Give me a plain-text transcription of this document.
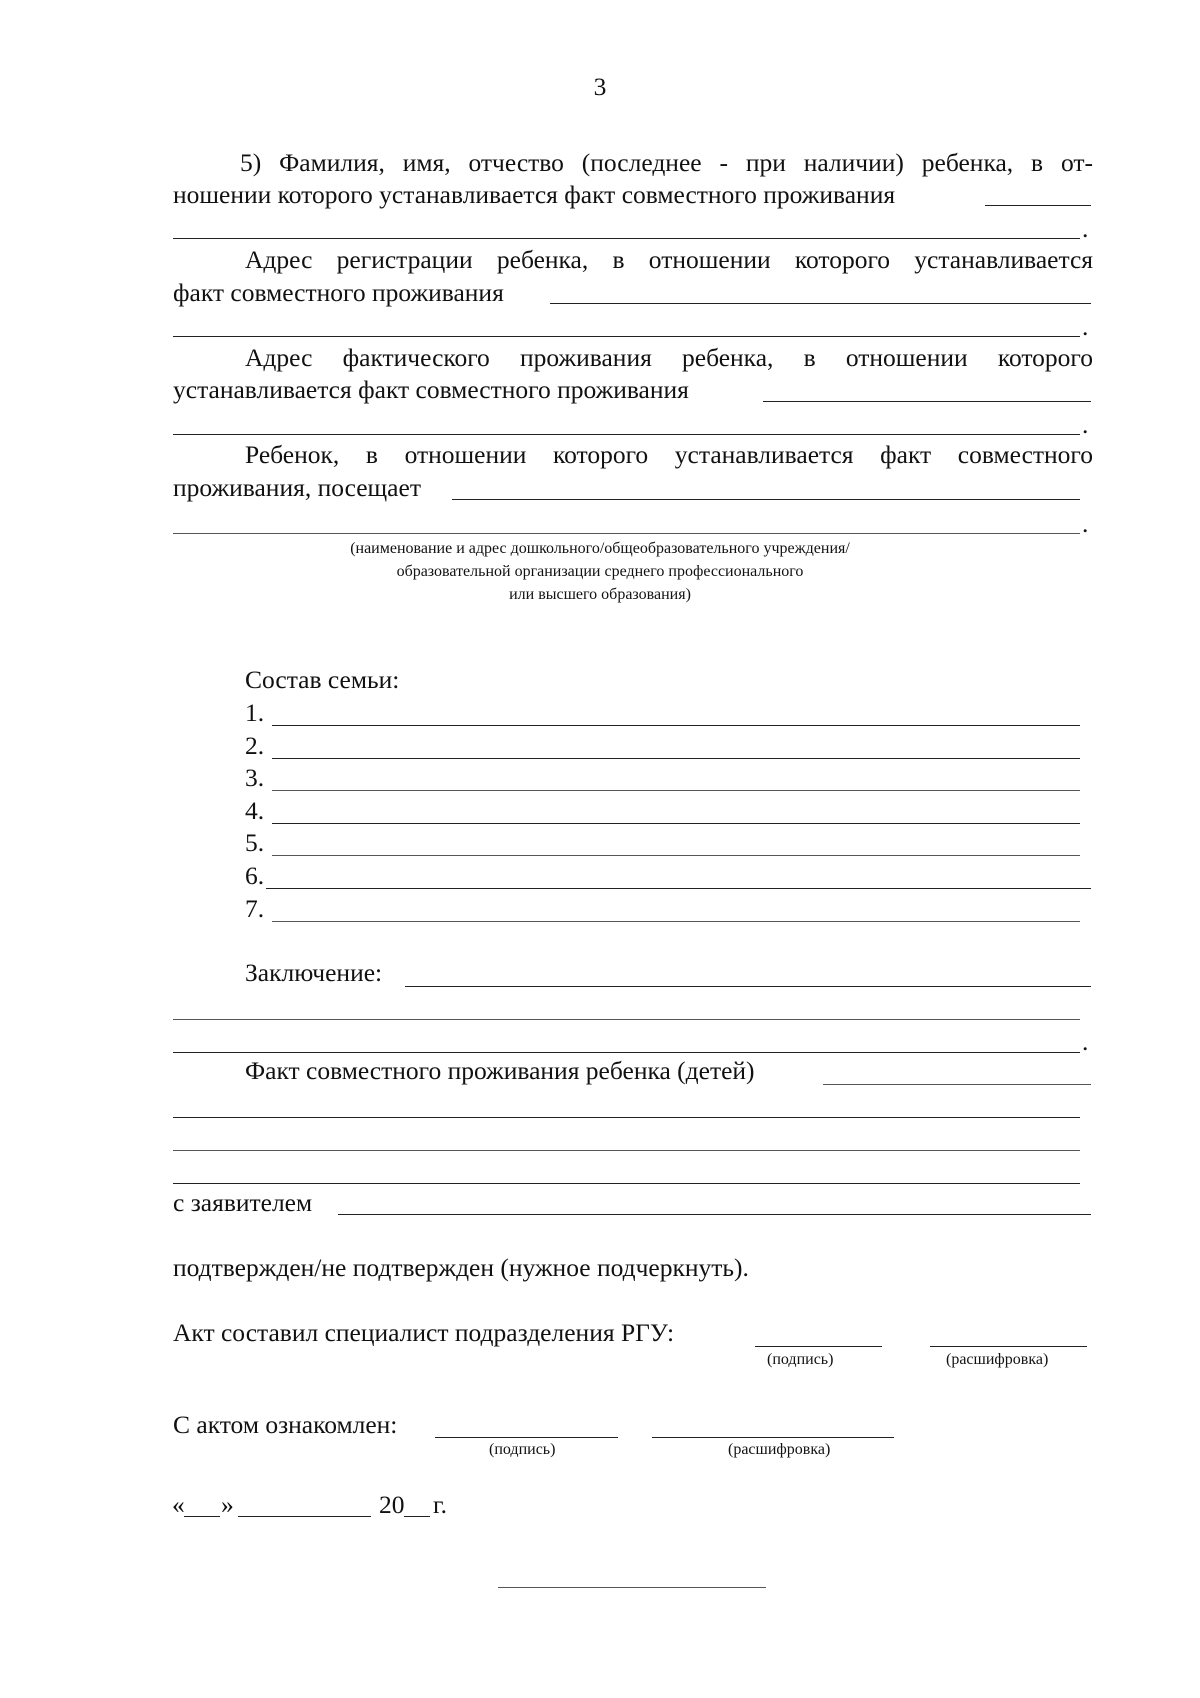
3
5) Фамилия, имя, отчество (последнее - при наличии) ребенка, в от-
ношении которого устанавливается факт совместного проживания
.
Адрес регистрации ребенка, в отношении которого устанавливается
факт совместного проживания
.
Адрес фактического проживания ребенка, в отношении которого
устанавливается факт совместного проживания
.
Ребенок, в отношении которого устанавливается факт совместного
проживания, посещает
.
(наименование и адрес дошкольного/общеобразовательного учреждения/
образовательной организации среднего профессионального
или высшего образования)
Состав семьи:
1.
2.
3.
4.
5.
6.
7.
Заключение:
.
Факт совместного проживания ребенка (детей)
с заявителем
подтвержден/не подтвержден (нужное подчеркнуть).
Акт составил специалист подразделения РГУ:
(подпись)	(расшифровка)
С актом ознакомлен:
(подпись)	(расшифровка)
« »	20 г.
